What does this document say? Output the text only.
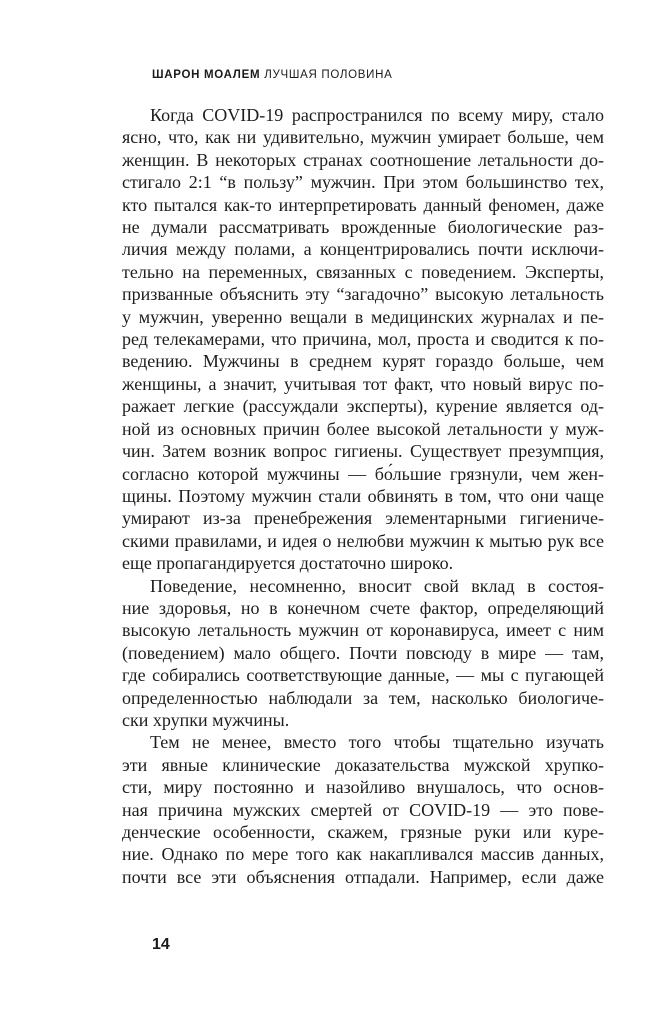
ШАРОН МОАЛЕМ ЛУЧШАЯ ПОЛОВИНА
Когда COVID-19 распространился по всему миру, стало
ясно, что, как ни удивительно, мужчин умирает больше, чем
женщин. В некоторых странах соотношение летальности до-
стигало 2:1 “в пользу” мужчин. При этом большинство тех,
кто пытался как-то интерпретировать данный феномен, даже
не думали рассматривать врожденные биологические раз-
личия между полами, а концентрировались почти исключи-
тельно на переменных, связанных с поведением. Эксперты,
призванные объяснить эту “загадочно” высокую летальность
у мужчин, уверенно вещали в медицинских журналах и пе-
ред телекамерами, что причина, мол, проста и сводится к по-
ведению. Мужчины в среднем курят гораздо больше, чем
женщины, а значит, учитывая тот факт, что новый вирус по-
ражает легкие (рассуждали эксперты), курение является од-
ной из основных причин более высокой летальности у муж-
чин. Затем возник вопрос гигиены. Существует презумпция,
согласно которой мужчины — бо́льшие грязнули, чем жен-
щины. Поэтому мужчин стали обвинять в том, что они чаще
умирают из-за пренебрежения элементарными гигиениче-
скими правилами, и идея о нелюбви мужчин к мытью рук все
еще пропагандируется достаточно широко.
Поведение, несомненно, вносит свой вклад в состоя-
ние здоровья, но в конечном счете фактор, определяющий
высокую летальность мужчин от коронавируса, имеет с ним
(поведением) мало общего. Почти повсюду в мире — там,
где собирались соответствующие данные, — мы с пугающей
определенностью наблюдали за тем, насколько биологиче-
ски хрупки мужчины.
Тем не менее, вместо того чтобы тщательно изучать
эти явные клинические доказательства мужской хрупко-
сти, миру постоянно и назойливо внушалось, что основ-
ная причина мужских смертей от COVID-19 — это пове-
денческие особенности, скажем, грязные руки или куре-
ние. Однако по мере того как накапливался массив данных,
почти все эти объяснения отпадали. Например, если даже
14
